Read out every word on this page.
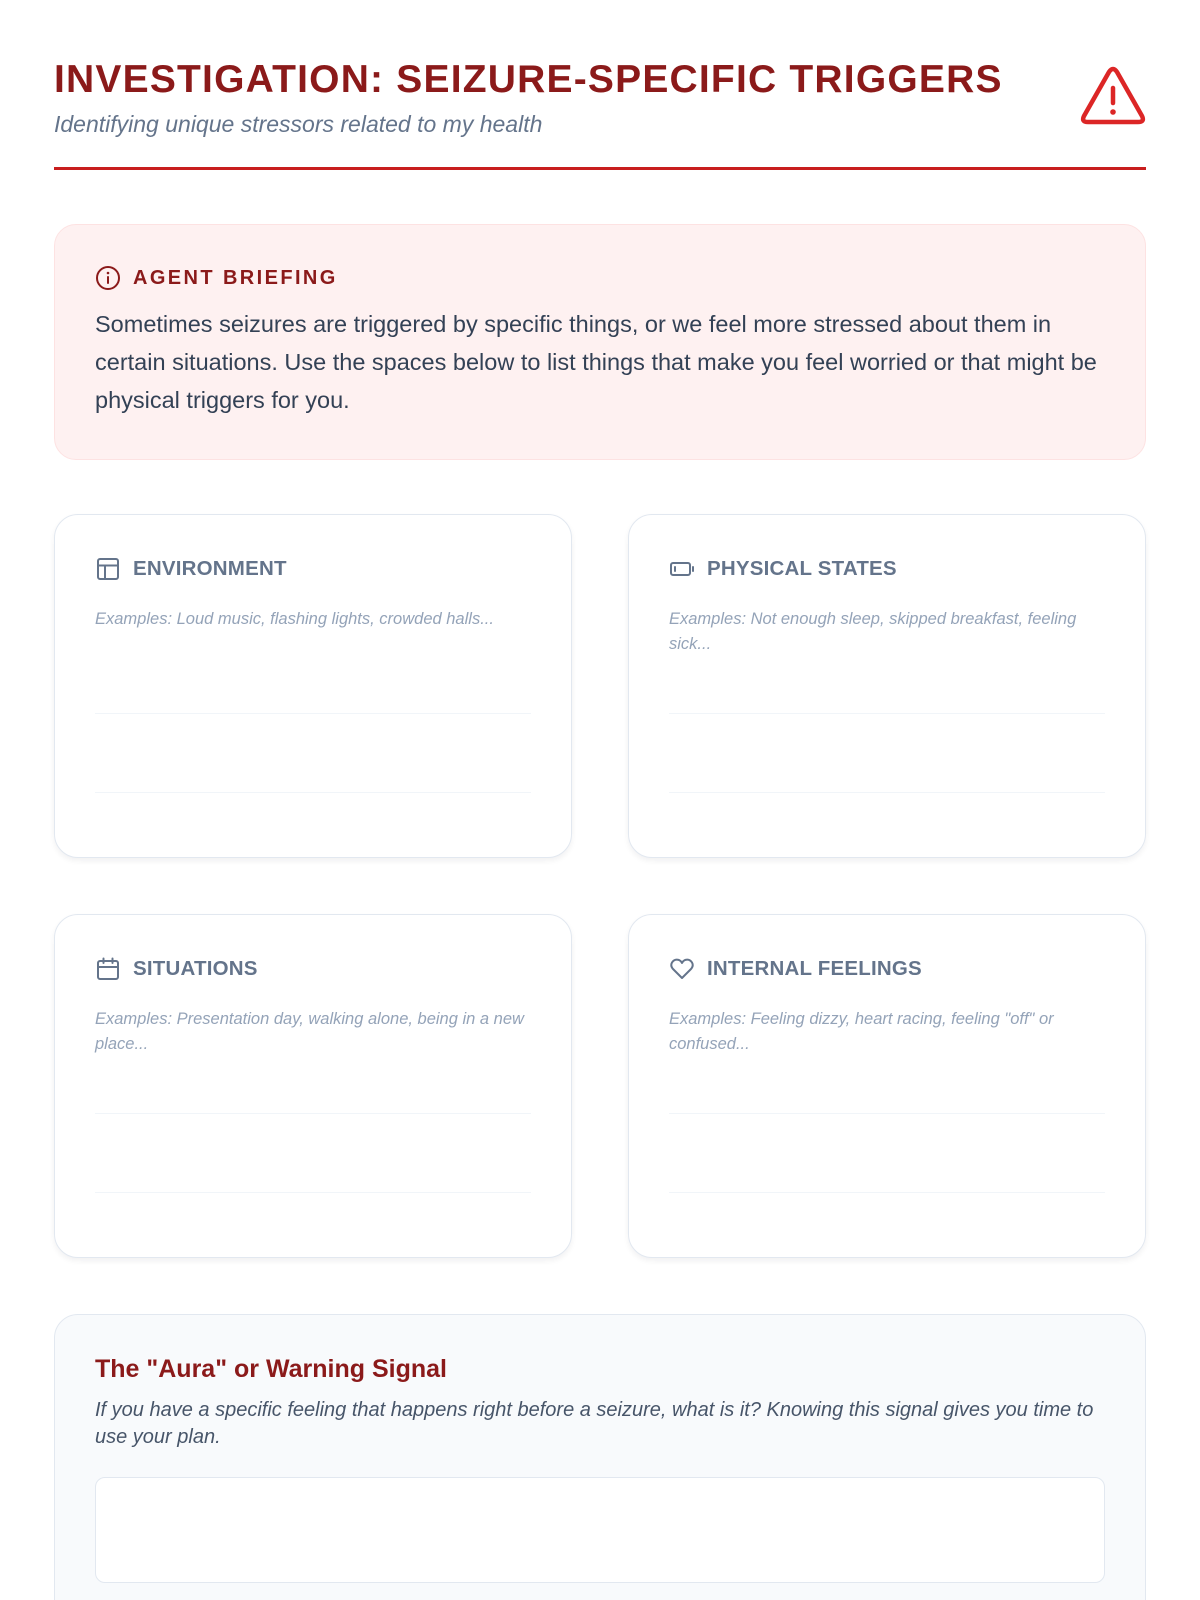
INVESTIGATION: SEIZURE-SPECIFIC TRIGGERS
Identifying unique stressors related to my health
AGENT BRIEFING
Sometimes seizures are triggered by specific things, or we feel more stressed about them in certain situations. Use the spaces below to list things that make you feel worried or that might be physical triggers for you.
ENVIRONMENT
Examples: Loud music, flashing lights, crowded halls...
PHYSICAL STATES
Examples: Not enough sleep, skipped breakfast, feeling sick...
SITUATIONS
Examples: Presentation day, walking alone, being in a new place...
INTERNAL FEELINGS
Examples: Feeling dizzy, heart racing, feeling "off" or confused...
The "Aura" or Warning Signal
If you have a specific feeling that happens right before a seizure, what is it? Knowing this signal gives you time to use your plan.
